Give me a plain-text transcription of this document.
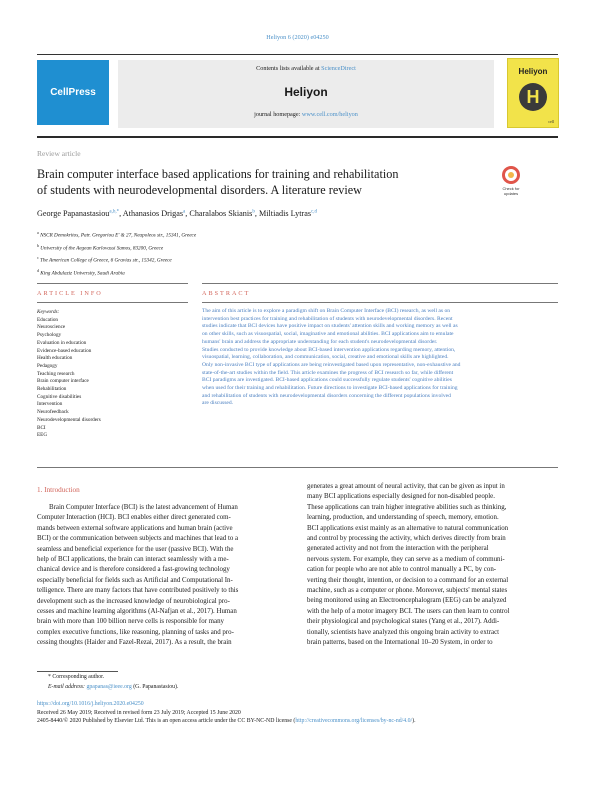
Heliyon 6 (2020) e04250
CellPress
Contents lists available at ScienceDirect
Heliyon
journal homepage: www.cell.com/heliyon
Heliyon
H
cell
Review article
Brain computer interface based applications for training and rehabilitation
of students with neurodevelopmental disorders. A literature review	Check for
updates
George Papanastasiou$^{a,b,*}$, Athanasios Drigas$^a$, Charalabos Skianis$^b$, Miltiadis Lytras$^{c,d}$
$^a$ NSCR Demokritos, Patr. Gregoriou E' & 27, Neapoleos str., 15341, Greece
$^b$ University of the Aegean Karlovassi Samos, 83200, Greece
$^c$ The American College of Greece, 6 Gravias str., 15342, Greece
$^d$ King Abdulaziz University, Saudi Arabia
ARTICLE INFO	ABSTRACT
Keywords:
Education
Neuroscience
Psychology
Evaluation in education
Evidence-based education
Health education
Pedagogy
Teaching research
Brain computer interface
Rehabilitation
Cognitive disabilities
Intervention
Neurofeedback
Neurodevelopmental disorders
BCI
EEG
The aim of this article is to explore a paradigm shift on Brain Computer Interface (BCI) research, as well as on
intervention best practices for training and rehabilitation of students with neurodevelopmental disorders. Recent
studies indicate that BCI devices have positive impact on students' attention skills and working memory as well as
on other skills, such as visuospatial, social, imaginative and emotional abilities. BCI applications aim to emulate
humans' brain and address the appropriate understanding for each student's neurodevelopmental disorder.
Studies conducted to provide knowledge about BCI-based intervention applications regarding memory, attention,
visuospatial, learning, collaboration, and communication, social, creative and emotional skills are highlighted.
Only non-invasive BCI type of applications are being reinvestigated based upon representative, non-exhaustive and
state-of-the-art studies within the field. This article examines the progress of BCI research so far, while different
BCI paradigms are investigated. BCI-based applications could successfully regulate students' cognitive abilities
when used for their training and rehabilitation. Future directions to investigate BCI-based applications for training
and rehabilitation of students with neurodevelopmental disorders concerning the different populations involved
are discussed.
1. Introduction
Brain Computer Interface (BCI) is the latest advancement of Human
Computer Interaction (HCI). BCI enables either direct generated com-
mands between external software applications and human brain (active
BCI) or the communication between subjects and machines that lead to a
seamless and beneficial experience for the user (passive BCI). With the
help of BCI applications, the brain can interact seamlessly with a me-
chanical device and is therefore considered a fast-growing technology
especially beneficial for fields such as Artificial and Computational In-
telligence. There are many factors that have contributed positively to this
development such as the increased knowledge of neurobiological pro-
cesses and machine learning algorithms (Al-Nafjan et al., 2017). Human
brain with more than 100 billion nerve cells is responsible for many
complex executive functions, like reasoning, planning of tasks and pro-
cessing thoughts (Haider and Fazel-Rezai, 2017). As a result, the brain
generates a great amount of neural activity, that can be given as input in
many BCI applications especially designed for non-disabled people.
These applications can train higher integrative abilities such as thinking,
learning, production, and understanding of speech, memory, emotion.
BCI applications exist mainly as an alternative to natural communication
and control by processing the activity, which derives directly from brain
generated activity and not from the interaction with the peripheral
nervous system. For example, they can serve as a medium of communi-
cation for people who are not able to control manually a PC, by con-
verting their thought, intention, or decision to a command for an external
machine, such as a computer or phone. Moreover, subjects' mental states
being monitored using an Electroencephalogram (EEG) can be analyzed
with the help of a motor imagery BCI. The users can then learn to control
their physiological and psychological states (Yang et al., 2017). Addi-
tionally, scientists have analyzed this ongoing brain activity to extract
brain patterns, based on the International 10–20 System, in order to
* Corresponding author.
E-mail address: gpapanas@ieee.org (G. Papanastasiou).
https://doi.org/10.1016/j.heliyon.2020.e04250
Received 26 May 2019; Received in revised form 23 July 2019; Accepted 15 June 2020
2405-8440/© 2020 Published by Elsevier Ltd. This is an open access article under the CC BY-NC-ND license (http://creativecommons.org/licenses/by-nc-nd/4.0/).
